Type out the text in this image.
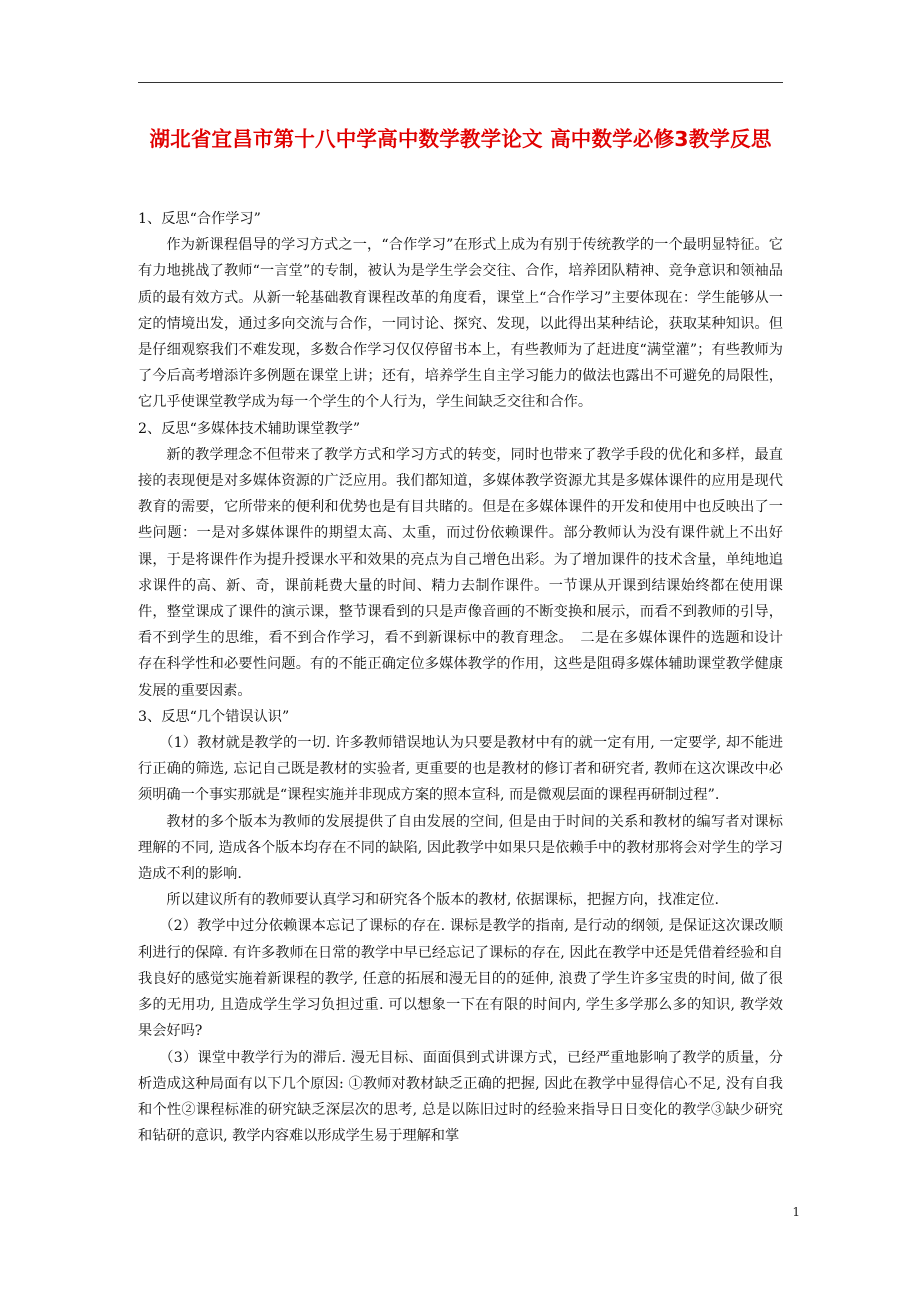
湖北省宜昌市第十八中学高中数学教学论文 高中数学必修3教学反思

1、反思“合作学习”

作为新课程倡导的学习方式之一，“合作学习”在形式上成为有别于传统教学的一个最明显特征。它有力地挑战了教师“一言堂”的专制，被认为是学生学会交往、合作，培养团队精神、竞争意识和领袖品质的最有效方式。从新一轮基础教育课程改革的角度看，课堂上“合作学习”主要体现在：学生能够从一定的情境出发，通过多向交流与合作，一同讨论、探究、发现，以此得出某种结论，获取某种知识。但是仔细观察我们不难发现，多数合作学习仅仅停留书本上，有些教师为了赶进度“满堂灌”；有些教师为了今后高考增添许多例题在课堂上讲；还有，培养学生自主学习能力的做法也露出不可避免的局限性，它几乎使课堂教学成为每一个学生的个人行为，学生间缺乏交往和合作。

2、反思“多媒体技术辅助课堂教学”

新的教学理念不但带来了教学方式和学习方式的转变，同时也带来了教学手段的优化和多样，最直接的表现便是对多媒体资源的广泛应用。我们都知道，多媒体教学资源尤其是多媒体课件的应用是现代教育的需要，它所带来的便利和优势也是有目共睹的。但是在多媒体课件的开发和使用中也反映出了一些问题：一是对多媒体课件的期望太高、太重，而过份依赖课件。部分教师认为没有课件就上不出好课，于是将课件作为提升授课水平和效果的亮点为自己增色出彩。为了增加课件的技术含量，单纯地追求课件的高、新、奇，课前耗费大量的时间、精力去制作课件。一节课从开课到结课始终都在使用课件，整堂课成了课件的演示课，整节课看到的只是声像音画的不断变换和展示，而看不到教师的引导，看不到学生的思维，看不到合作学习，看不到新课标中的教育理念。　二是在多媒体课件的选题和设计存在科学性和必要性问题。有的不能正确定位多媒体教学的作用，这些是阻碍多媒体辅助课堂教学健康发展的重要因素。

3、反思“几个错误认识”

（1）教材就是教学的一切. 许多教师错误地认为只要是教材中有的就一定有用, 一定要学, 却不能进行正确的筛选, 忘记自己既是教材的实验者, 更重要的也是教材的修订者和研究者, 教师在这次课改中必须明确一个事实那就是“课程实施并非现成方案的照本宣科, 而是微观层面的课程再研制过程”.

教材的多个版本为教师的发展提供了自由发展的空间, 但是由于时间的关系和教材的编写者对课标理解的不同, 造成各个版本均存在不同的缺陷, 因此教学中如果只是依赖手中的教材那将会对学生的学习造成不利的影响.

所以建议所有的教师要认真学习和研究各个版本的教材, 依据课标，把握方向，找准定位.

（2）教学中过分依赖课本忘记了课标的存在. 课标是教学的指南, 是行动的纲领, 是保证这次课改顺利进行的保障. 有许多教师在日常的教学中早已经忘记了课标的存在, 因此在教学中还是凭借着经验和自我良好的感觉实施着新课程的教学, 任意的拓展和漫无目的的延伸, 浪费了学生许多宝贵的时间, 做了很多的无用功, 且造成学生学习负担过重. 可以想象一下在有限的时间内, 学生多学那么多的知识, 教学效果会好吗?

（3）课堂中教学行为的滞后. 漫无目标、面面俱到式讲课方式，已经严重地影响了教学的质量，分析造成这种局面有以下几个原因: ①教师对教材缺乏正确的把握, 因此在教学中显得信心不足, 没有自我和个性②课程标准的研究缺乏深层次的思考, 总是以陈旧过时的经验来指导日日变化的教学③缺少研究和钻研的意识, 教学内容难以形成学生易于理解和掌

1
